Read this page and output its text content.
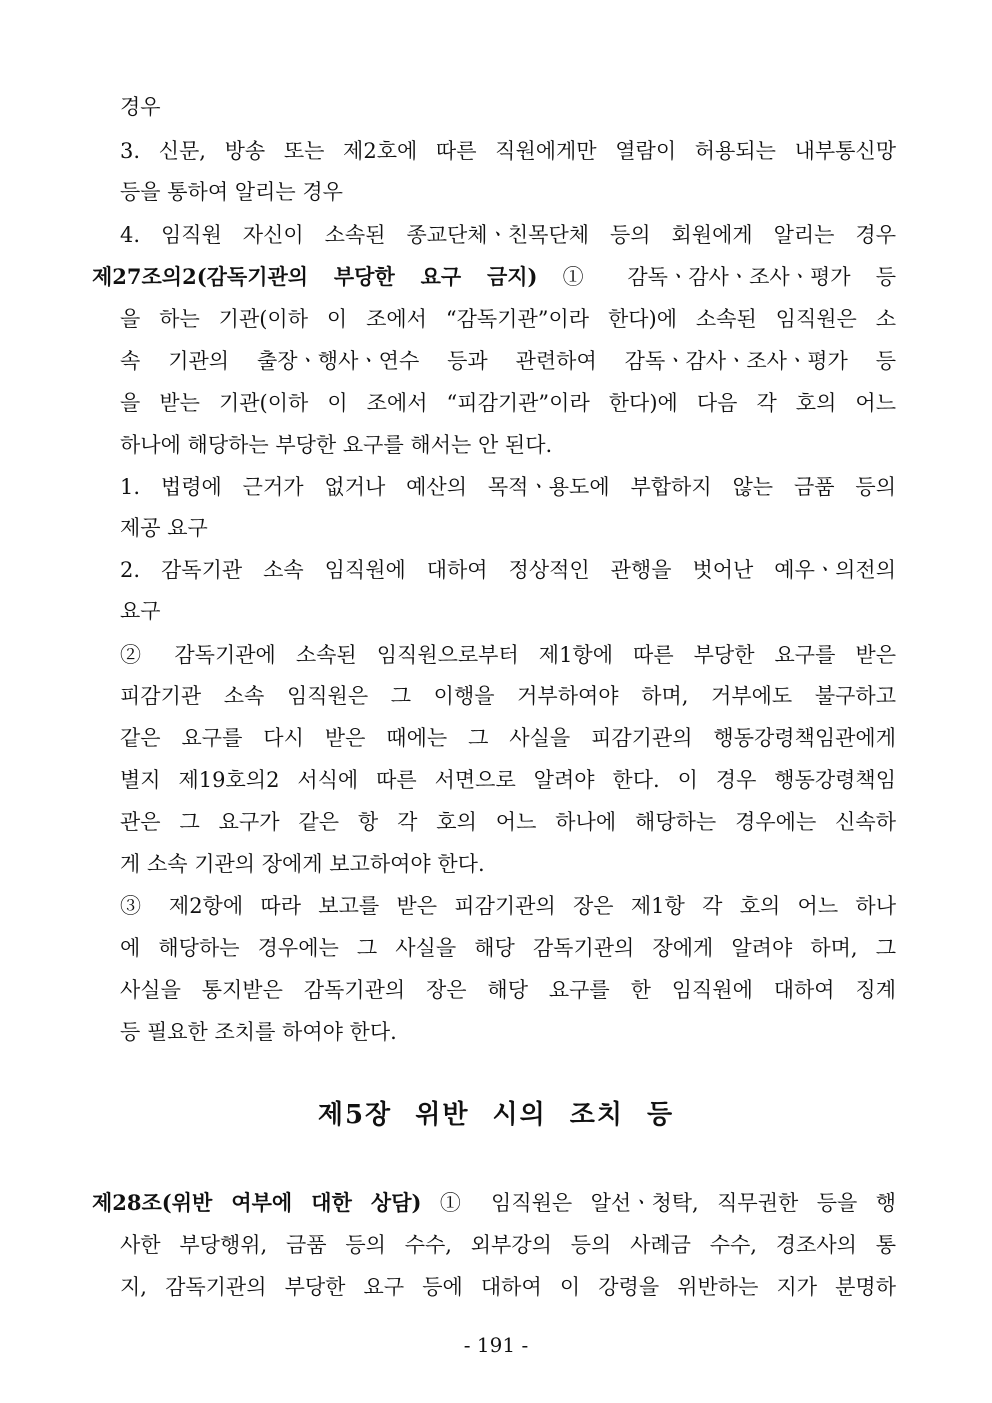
경우
3. 신문, 방송 또는 제2호에 따른 직원에게만 열람이 허용되는 내부통신망
등을 통하여 알리는 경우
4. 임직원 자신이 소속된 종교단체ㆍ친목단체 등의 회원에게 알리는 경우
제27조의2(감독기관의 부당한 요구 금지) ① 감독ㆍ감사ㆍ조사ㆍ평가 등
을 하는 기관(이하 이 조에서 “감독기관”이라 한다)에 소속된 임직원은 소
속 기관의 출장ㆍ행사ㆍ연수 등과 관련하여 감독ㆍ감사ㆍ조사ㆍ평가 등
을 받는 기관(이하 이 조에서 “피감기관”이라 한다)에 다음 각 호의 어느
하나에 해당하는 부당한 요구를 해서는 안 된다.
1. 법령에 근거가 없거나 예산의 목적ㆍ용도에 부합하지 않는 금품 등의
제공 요구
2. 감독기관 소속 임직원에 대하여 정상적인 관행을 벗어난 예우ㆍ의전의
요구
② 감독기관에 소속된 임직원으로부터 제1항에 따른 부당한 요구를 받은
피감기관 소속 임직원은 그 이행을 거부하여야 하며, 거부에도 불구하고
같은 요구를 다시 받은 때에는 그 사실을 피감기관의 행동강령책임관에게
별지 제19호의2 서식에 따른 서면으로 알려야 한다. 이 경우 행동강령책임
관은 그 요구가 같은 항 각 호의 어느 하나에 해당하는 경우에는 신속하
게 소속 기관의 장에게 보고하여야 한다.
③ 제2항에 따라 보고를 받은 피감기관의 장은 제1항 각 호의 어느 하나
에 해당하는 경우에는 그 사실을 해당 감독기관의 장에게 알려야 하며, 그
사실을 통지받은 감독기관의 장은 해당 요구를 한 임직원에 대하여 징계
등 필요한 조치를 하여야 한다.
제5장 위반 시의 조치 등
제28조(위반 여부에 대한 상담) ① 임직원은 알선ㆍ청탁, 직무권한 등을 행
사한 부당행위, 금품 등의 수수, 외부강의 등의 사례금 수수, 경조사의 통
지, 감독기관의 부당한 요구 등에 대하여 이 강령을 위반하는 지가 분명하
- 191 -
